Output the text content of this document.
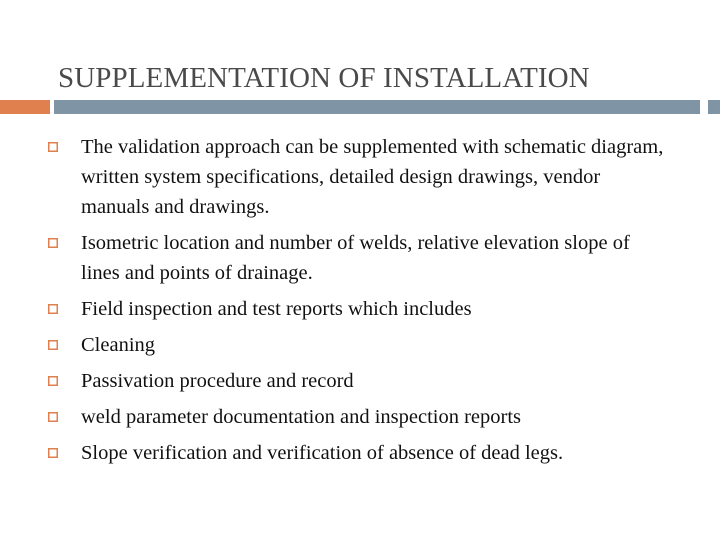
SUPPLEMENTATION OF INSTALLATION
The validation approach can be supplemented with schematic diagram, written system specifications, detailed design drawings, vendor manuals and drawings.
Isometric location and number of welds, relative elevation slope of lines and points of drainage.
Field inspection and test reports which includes
Cleaning
Passivation procedure and record
weld parameter documentation and inspection reports
Slope verification and verification of absence of dead legs.
